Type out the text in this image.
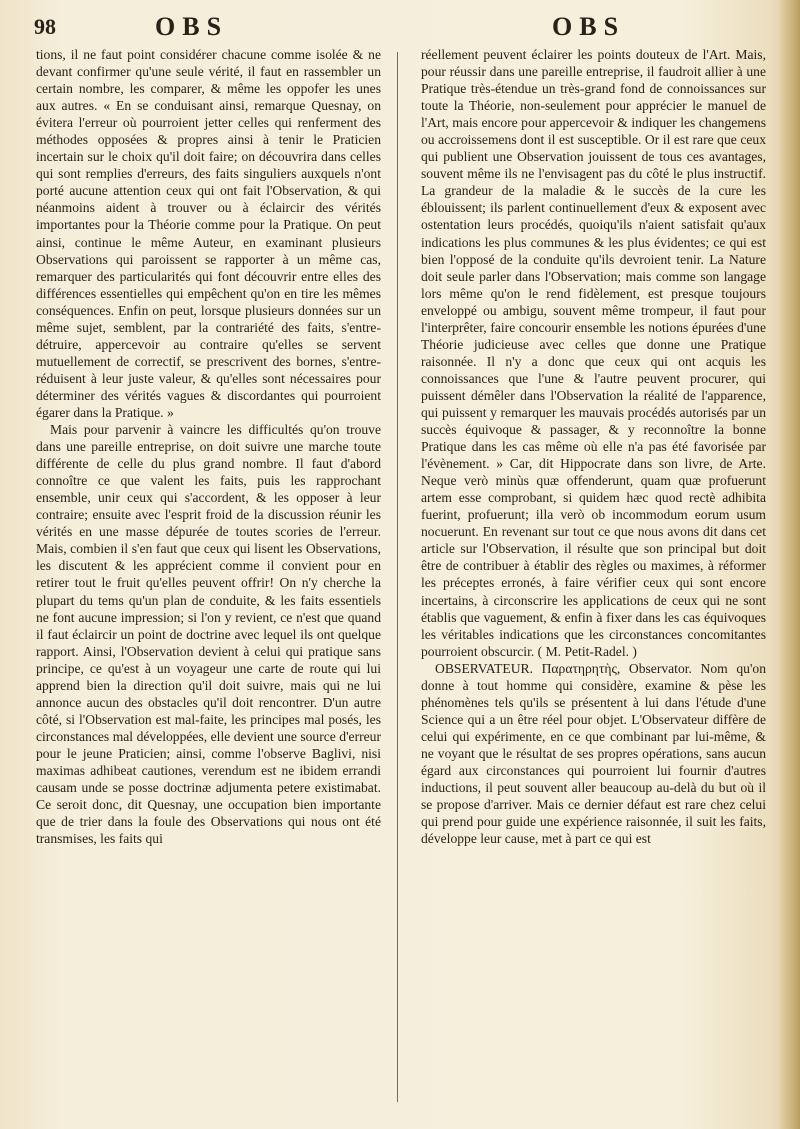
98	OBS	OBS

tions, il ne faut point considérer chacune comme isolée & ne devant confirmer qu'une seule vérité, il faut en rassembler un certain nombre, les comparer, & même les oppofer les unes aux autres. « En se conduisant ainsi, remarque Quesnay, on évitera l'erreur où pourroient jetter celles qui renferment des méthodes opposées & propres ainsi à tenir le Praticien incertain sur le choix qu'il doit faire; on découvrira dans celles qui sont remplies d'erreurs, des faits singuliers auxquels n'ont porté aucune attention ceux qui ont fait l'Observation, & qui néanmoins aident à trouver ou à éclaircir des vérités importantes pour la Théorie comme pour la Pratique. On peut ainsi, continue le même Auteur, en examinant plusieurs Observations qui paroissent se rapporter à un même cas, remarquer des particularités qui font découvrir entre elles des différences essentielles qui empêchent qu'on en tire les mêmes conséquences. Enfin on peut, lorsque plusieurs données sur un même sujet, semblent, par la contrariété des faits, s'entre-détruire, appercevoir au contraire qu'elles se servent mutuellement de correctif, se prescrivent des bornes, s'entre-réduisent à leur juste valeur, & qu'elles sont nécessaires pour déterminer des vérités vagues & discordantes qui pourroient égarer dans la Pratique. »

Mais pour parvenir à vaincre les difficultés qu'on trouve dans une pareille entreprise, on doit suivre une marche toute différente de celle du plus grand nombre. Il faut d'abord connoître ce que valent les faits, puis les rapprochant ensemble, unir ceux qui s'accordent, & les opposer à leur contraire; ensuite avec l'esprit froid de la discussion réunir les vérités en une masse dépurée de toutes scories de l'erreur. Mais, combien il s'en faut que ceux qui lisent les Observations, les discutent & les apprécient comme il convient pour en retirer tout le fruit qu'elles peuvent offrir! On n'y cherche la plupart du tems qu'un plan de conduite, & les faits essentiels ne font aucune impression; si l'on y revient, ce n'est que quand il faut éclaircir un point de doctrine avec lequel ils ont quelque rapport. Ainsi, l'Observation devient à celui qui pratique sans principe, ce qu'est à un voyageur une carte de route qui lui apprend bien la direction qu'il doit suivre, mais qui ne lui annonce aucun des obstacles qu'il doit rencontrer. D'un autre côté, si l'Observation est mal-faite, les principes mal posés, les circonstances mal développées, elle devient une source d'erreur pour le jeune Praticien; ainsi, comme l'observe Baglivi, nisi maximas adhibeat cautiones, verendum est ne ibidem errandi causam unde se posse doctrinæ adjumenta petere existimabat. Ce seroit donc, dit Quesnay, une occupation bien importante que de trier dans la foule des Observations qui nous ont été transmises, les faits qui

réellement peuvent éclairer les points douteux de l'Art. Mais, pour réussir dans une pareille entreprise, il faudroit allier à une Pratique très-étendue un très-grand fond de connoissances sur toute la Théorie, non-seulement pour apprécier le manuel de l'Art, mais encore pour appercevoir & indiquer les changemens ou accroissemens dont il est susceptible. Or il est rare que ceux qui publient une Observation jouissent de tous ces avantages, souvent même ils ne l'envisagent pas du côté le plus instructif. La grandeur de la maladie & le succès de la cure les éblouissent; ils parlent continuellement d'eux & exposent avec ostentation leurs procédés, quoiqu'ils n'aient satisfait qu'aux indications les plus communes & les plus évidentes; ce qui est bien l'opposé de la conduite qu'ils devroient tenir. La Nature doit seule parler dans l'Observation; mais comme son langage lors même qu'on le rend fidèlement, est presque toujours enveloppé ou ambigu, souvent même trompeur, il faut pour l'interprêter, faire concourir ensemble les notions épurées d'une Théorie judicieuse avec celles que donne une Pratique raisonnée. Il n'y a donc que ceux qui ont acquis les connoissances que l'une & l'autre peuvent procurer, qui puissent démêler dans l'Observation la réalité de l'apparence, qui puissent y remarquer les mauvais procédés autorisés par un succès équivoque & passager, & y reconnoître la bonne Pratique dans les cas même où elle n'a pas été favorisée par l'évènement. » Car, dit Hippocrate dans son livre, de Arte. Neque verò minùs quæ offenderunt, quam quæ profuerunt artem esse comprobant, si quidem hæc quod rectè adhibita fuerint, profuerunt; illa verò ob incommodum eorum usum nocuerunt. En revenant sur tout ce que nous avons dit dans cet article sur l'Observation, il résulte que son principal but doit être de contribuer à établir des règles ou maximes, à réformer les préceptes erronés, à faire vérifier ceux qui sont encore incertains, à circonscrire les applications de ceux qui ne sont établis que vaguement, & enfin à fixer dans les cas équivoques les véritables indications que les circonstances concomitantes pourroient obscurcir. ( M. Petit-Radel. )

OBSERVATEUR. Παρατηρητὴς, Observator. Nom qu'on donne à tout homme qui considère, examine & pèse les phénomènes tels qu'ils se présentent à lui dans l'étude d'une Science qui a un être réel pour objet. L'Observateur diffère de celui qui expérimente, en ce que combinant par lui-même, & ne voyant que le résultat de ses propres opérations, sans aucun égard aux circonstances qui pourroient lui fournir d'autres inductions, il peut souvent aller beaucoup au-delà du but où il se propose d'arriver. Mais ce dernier défaut est rare chez celui qui prend pour guide une expérience raisonnée, il suit les faits, développe leur cause, met à part ce qui est
